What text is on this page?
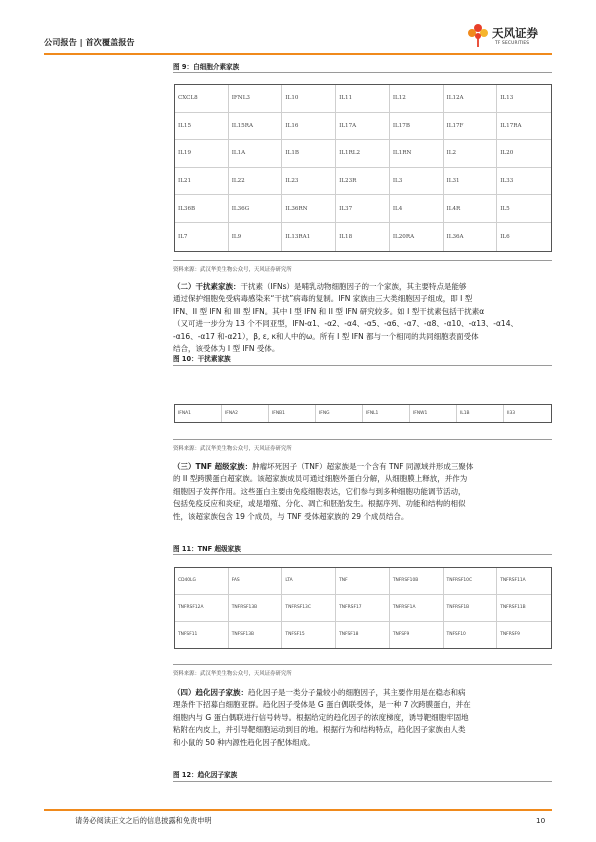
公司报告 | 首次覆盖报告
天风证券
TF SECURITIES
图 9：白细胞介素家族
CXCL8	IFNL3	IL10	IL11	IL12	IL12A	IL13
IL15	IL15RA	IL16	IL17A	IL17B	IL17F	IL17RA
IL19	IL1A	IL1B	IL1RL2	IL1RN	IL2	IL20
IL21	IL22	IL23	IL23R	IL3	IL31	IL33
IL36B	IL36G	IL36RN	IL37	IL4	IL4R	IL5
IL7	IL9	IL13RA1	IL18	IL20RA	IL36A	IL6
资料来源：武汉华美生物公众号，天风证券研究所
（二）干扰素家族：干扰素（IFNs）是哺乳动物细胞因子的一个家族，其主要特点是能够
通过保护细胞免受病毒感染来“干扰”病毒的复制。IFN 家族由三大类细胞因子组成，即 I 型
IFN、II 型 IFN 和 III 型 IFN。其中 I 型 IFN 和 II 型 IFN 研究较多。如 I 型干扰素包括干扰素α
（又可进一步分为 13 个不同亚型，IFN-α1、-α2、-α4、-α5、-α6、-α7、-α8、-α10、-α13、-α14、
-α16、-α17 和-α21），β, ε, κ和人中的ω。所有 I 型 IFN 都与一个相同的共同细胞表面受体
结合，该受体为 I 型 IFN 受体。
图 10：干扰素家族
IFNA1	IFNA2	IFNB1	IFNG	IFNL1	IFNW1	IL1B	Il33
资料来源：武汉华美生物公众号，天风证券研究所
（三）TNF 超级家族：肿瘤坏死因子（TNF）超家族是一个含有 TNF 同源域并形成三聚体
的 II 型跨膜蛋白超家族。该超家族成员可通过细胞外蛋白分解，从细胞膜上释放，并作为
细胞因子发挥作用。这些蛋白主要由免疫细胞表达，它们参与到多种细胞功能调节活动，
包括免疫反应和炎症，或是增殖、分化、凋亡和胚胎发生。根据序列、功能和结构的相似
性，该超家族包含 19 个成员，与 TNF 受体超家族的 29 个成员结合。
图 11：TNF 超级家族
CD40LG	FAS	LTA	TNF	TNFRSF10B	TNFRSF10C	TNFRSF11A
TNFRSF12A	TNFRSF13B	TNFRSF13C	TNFRSF17	TNFRSF1A	TNFRSF1B	TNFRSF11B
TNFSF11	TNFSF13B	TNFSF15	TNFSF18	TNFSF9	TNFSF10	TNFRSF9
资料来源：武汉华美生物公众号，天风证券研究所
（四）趋化因子家族：趋化因子是一类分子量较小的细胞因子，其主要作用是在稳态和病
理条件下招募白细胞亚群。趋化因子受体是 G 蛋白偶联受体，是一种 7 次跨膜蛋白，并在
细胞内与 G 蛋白偶联进行信号转导。根据给定的趋化因子的浓度梯度，诱导靶细胞牢固地
粘附在内皮上，并引导靶细胞运动到目的地。根据行为和结构特点，趋化因子家族由人类
和小鼠的 50 种内源性趋化因子配体组成。
图 12：趋化因子家族
请务必阅读正文之后的信息披露和免责申明	10
